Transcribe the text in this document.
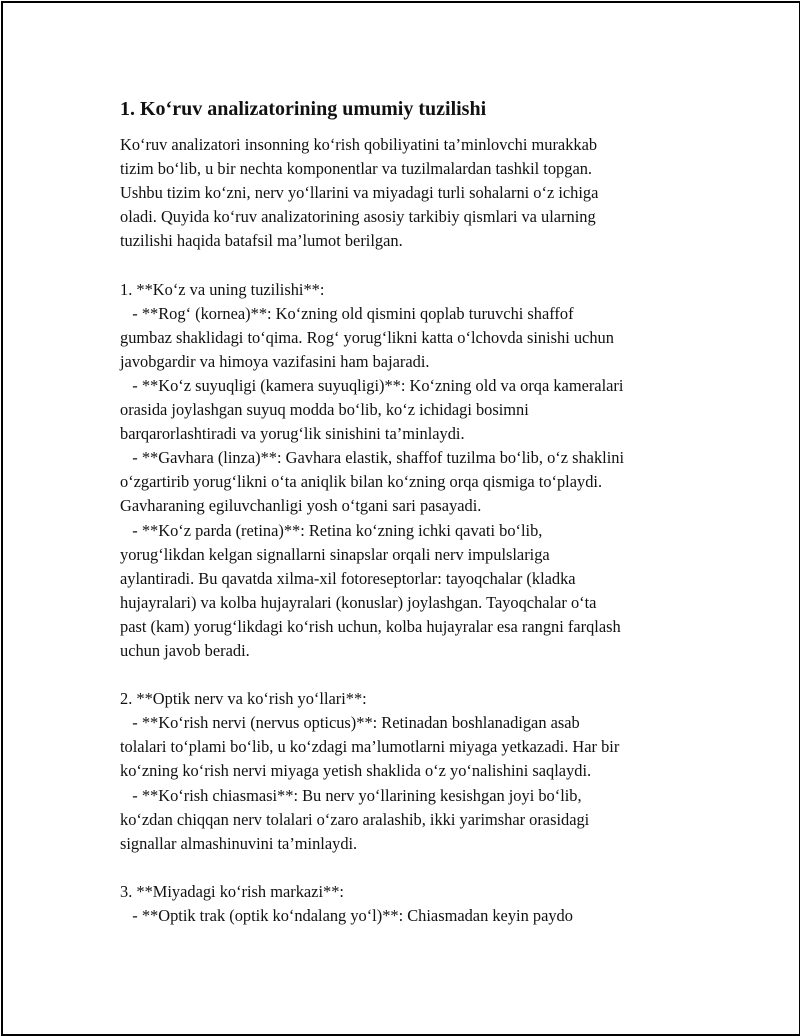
1. Ko‘ruv analizatorining umumiy tuzilishi
Ko‘ruv analizatori insonning ko‘rish qobiliyatini ta’minlovchi murakkab
tizim bo‘lib, u bir nechta komponentlar va tuzilmalardan tashkil topgan.
Ushbu tizim ko‘zni, nerv yo‘llarini va miyadagi turli sohalarni o‘z ichiga
oladi. Quyida ko‘ruv analizatorining asosiy tarkibiy qismlari va ularning
tuzilishi haqida batafsil ma’lumot berilgan.
1. **Ko‘z va uning tuzilishi**:
- **Rog‘ (kornea)**: Ko‘zning old qismini qoplab turuvchi shaffof
gumbaz shaklidagi to‘qima. Rog‘ yorug‘likni katta o‘lchovda sinishi uchun
javobgardir va himoya vazifasini ham bajaradi.
- **Ko‘z suyuqligi (kamera suyuqligi)**: Ko‘zning old va orqa kameralari
orasida joylashgan suyuq modda bo‘lib, ko‘z ichidagi bosimni
barqarorlashtiradi va yorug‘lik sinishini ta’minlaydi.
- **Gavhara (linza)**: Gavhara elastik, shaffof tuzilma bo‘lib, o‘z shaklini
o‘zgartirib yorug‘likni o‘ta aniqlik bilan ko‘zning orqa qismiga to‘playdi.
Gavharaning egiluvchanligi yosh o‘tgani sari pasayadi.
- **Ko‘z parda (retina)**: Retina ko‘zning ichki qavati bo‘lib,
yorug‘likdan kelgan signallarni sinapslar orqali nerv impulslariga
aylantiradi. Bu qavatda xilma-xil fotoreseptorlar: tayoqchalar (kladka
hujayralari) va kolba hujayralari (konuslar) joylashgan. Tayoqchalar o‘ta
past (kam) yorug‘likdagi ko‘rish uchun, kolba hujayralar esa rangni farqlash
uchun javob beradi.
2. **Optik nerv va ko‘rish yo‘llari**:
- **Ko‘rish nervi (nervus opticus)**: Retinadan boshlanadigan asab
tolalari to‘plami bo‘lib, u ko‘zdagi ma’lumotlarni miyaga yetkazadi. Har bir
ko‘zning ko‘rish nervi miyaga yetish shaklida o‘z yo‘nalishini saqlaydi.
- **Ko‘rish chiasmasi**: Bu nerv yo‘llarining kesishgan joyi bo‘lib,
ko‘zdan chiqqan nerv tolalari o‘zaro aralashib, ikki yarimshar orasidagi
signallar almashinuvini ta’minlaydi.
3. **Miyadagi ko‘rish markazi**:
- **Optik trak (optik ko‘ndalang yo‘l)**: Chiasmadan keyin paydo
